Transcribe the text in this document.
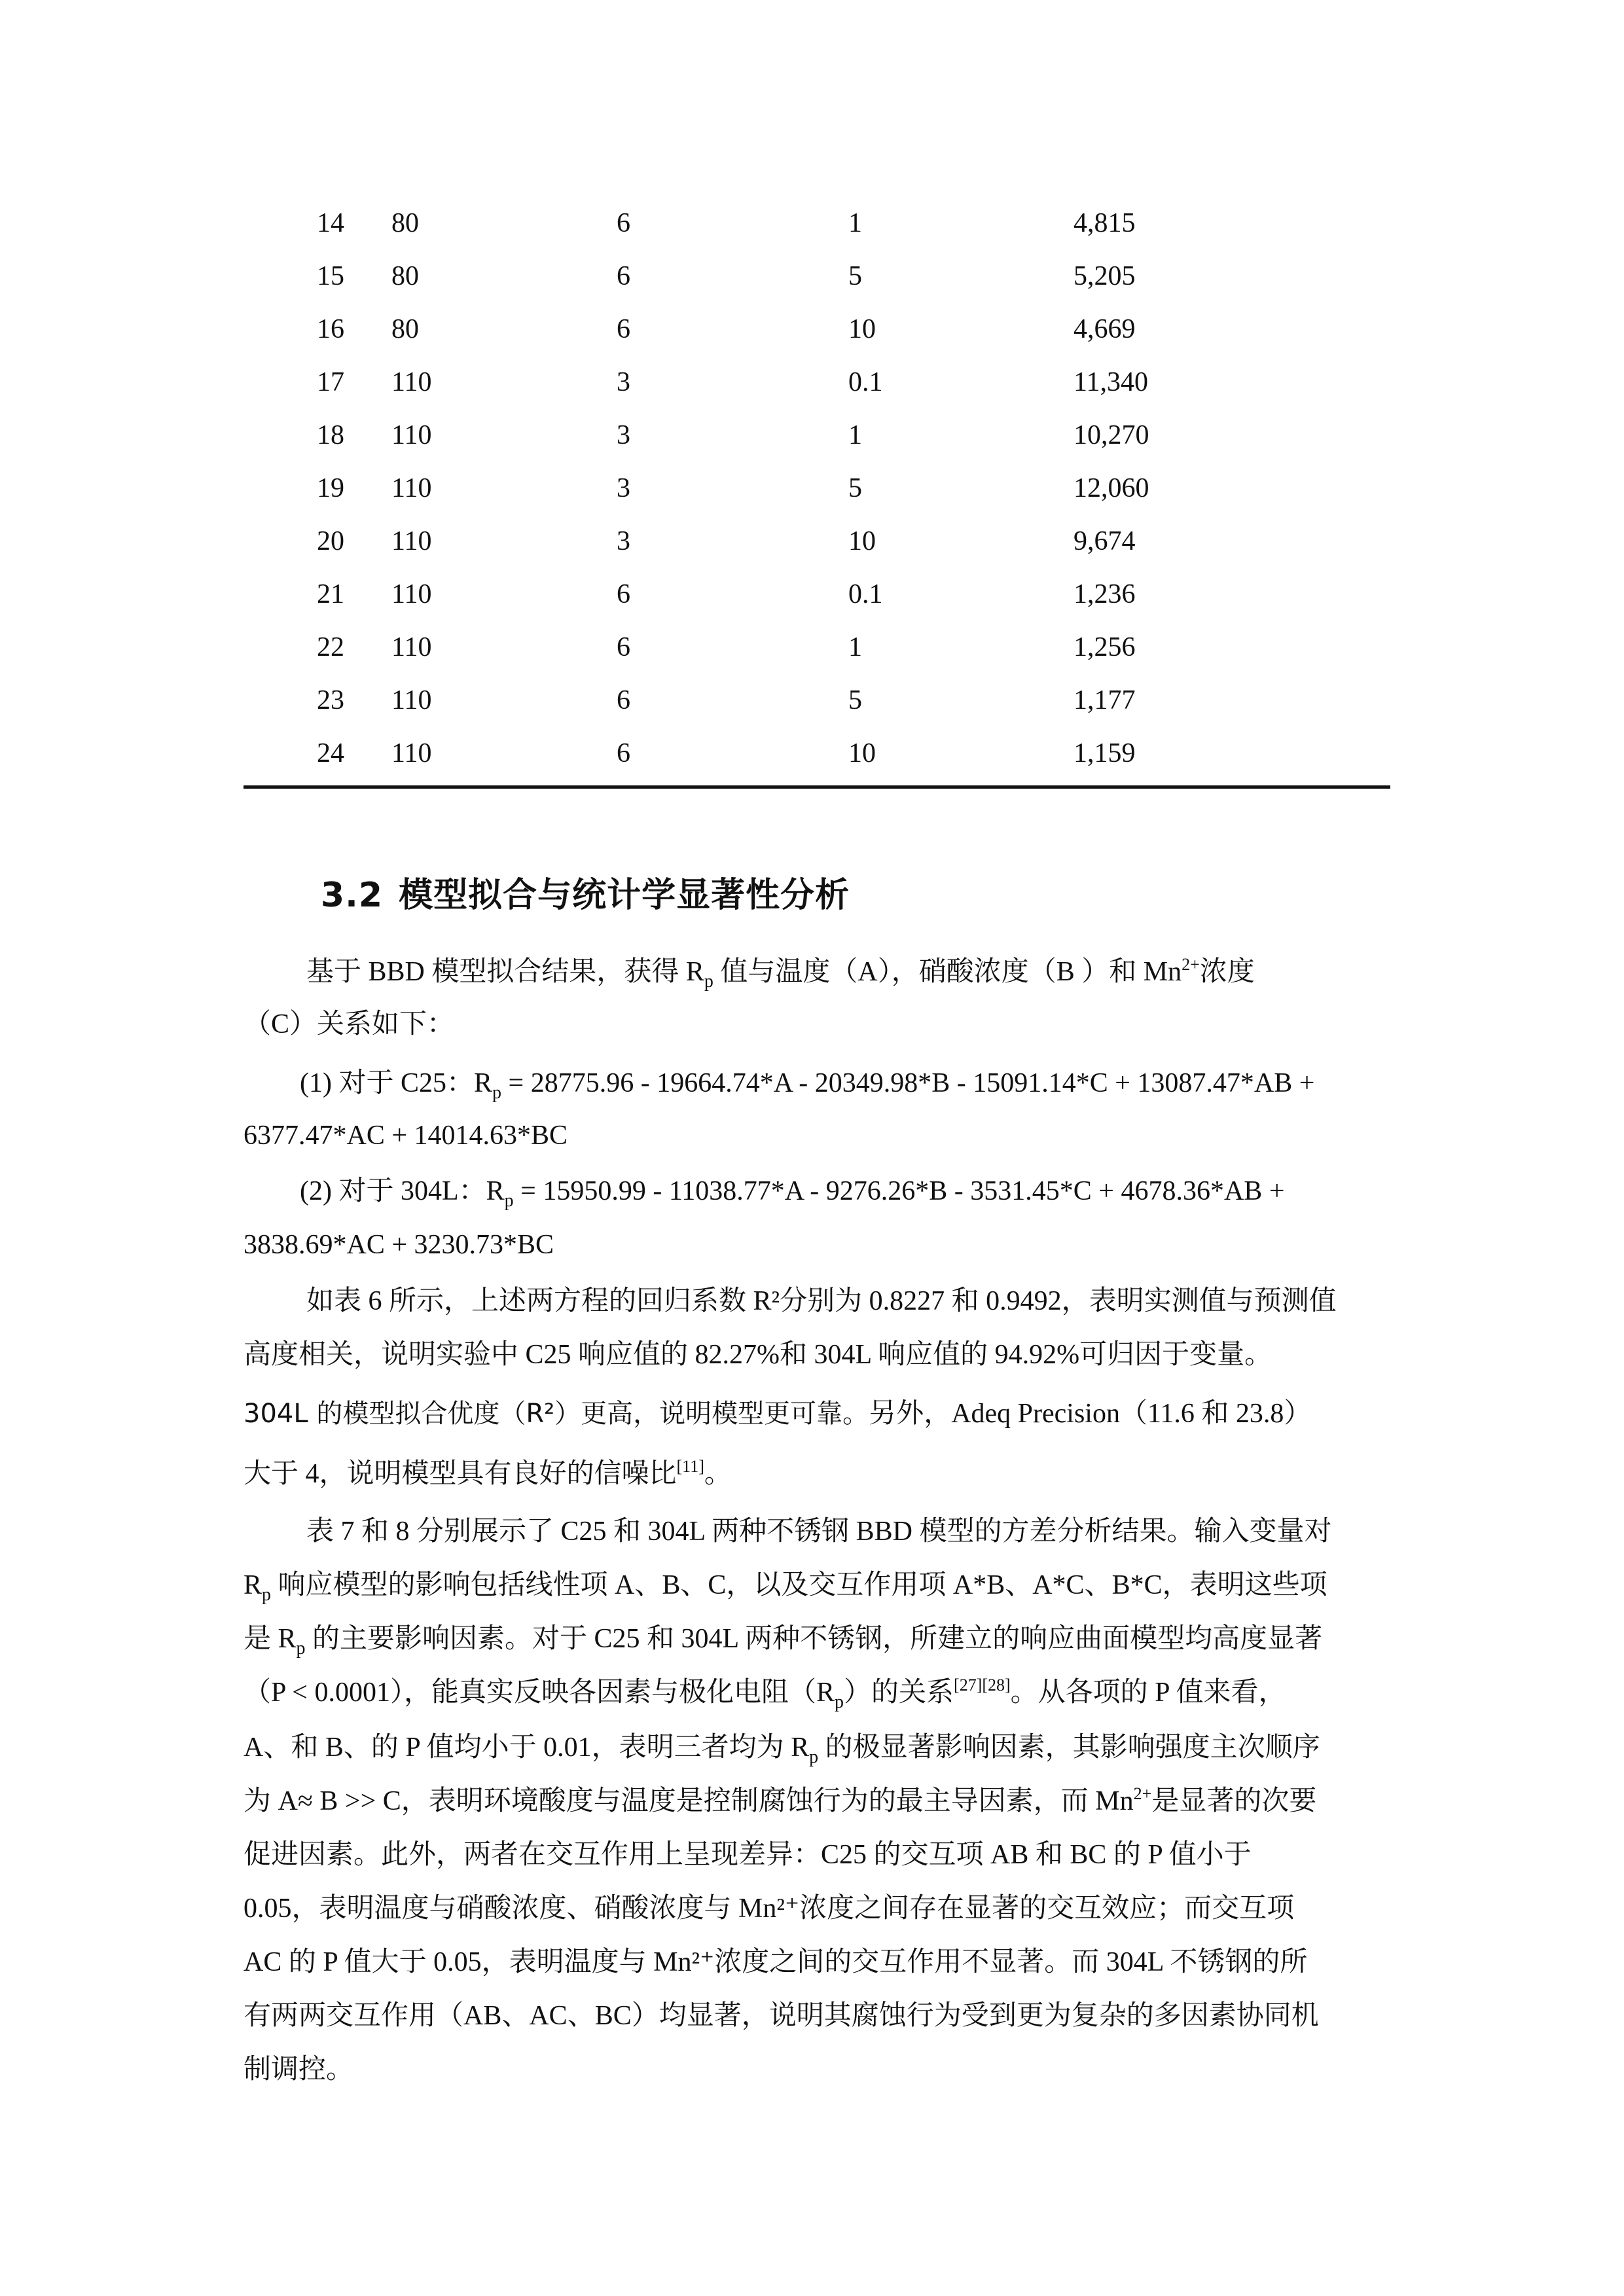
14	80	6	1	4,815
15	80	6	5	5,205
16	80	6	10	4,669
17	110	3	0.1	11,340
18	110	3	1	10,270
19	110	3	5	12,060
20	110	3	10	9,674
21	110	6	0.1	1,236
22	110	6	1	1,256
23	110	6	5	1,177
24	110	6	10	1,159
3.2 模型拟合与统计学显著性分析
基于 BBD 模型拟合结果，获得 $R_p$ 值与温度（A），硝酸浓度（B ）和 $Mn^{2+}$浓度
（C）关系如下：
(1) 对于 C25：$R_p = 28775.96 - 19664.74*A - 20349.98*B - 15091.14*C + 13087.47*AB$ +
6377.47*AC + 14014.63*BC
(2) 对于 304L：$R_p = 15950.99 - 11038.77*A - 9276.26*B - 3531.45*C + 4678.36*AB$ +
3838.69*AC + 3230.73*BC
如表 6 所示，上述两方程的回归系数 R²分别为 0.8227 和 0.9492，表明实测值与预测值
高度相关，说明实验中 C25 响应值的 82.27%和 304L 响应值的 94.92%可归因于变量。
304L 的模型拟合优度（R²）更高，说明模型更可靠。另外，Adeq Precision（11.6 和 23.8）
大于 4，说明模型具有良好的信噪比[11]。
表 7 和 8 分别展示了 C25 和 304L 两种不锈钢 BBD 模型的方差分析结果。输入变量对
$R_p$ 响应模型的影响包括线性项 A、B、C，以及交互作用项 A*B、A*C、B*C，表明这些项
是 $R_p$ 的主要影响因素。对于 C25 和 304L 两种不锈钢，所建立的响应曲面模型均高度显著
（P < 0.0001），能真实反映各因素与极化电阻$(R_p)$的关系[27][28]。从各项的 P 值来看，
A、和 B、的 P 值均小于 0.01，表明三者均为 $R_p$ 的极显著影响因素，其影响强度主次顺序
为 A≈ B >> C，表明环境酸度与温度是控制腐蚀行为的最主导因素，而 $Mn^{2+}$是显著的次要
促进因素。此外，两者在交互作用上呈现差异：C25 的交互项 AB 和 BC 的 P 值小于
0.05，表明温度与硝酸浓度、硝酸浓度与 Mn²⁺浓度之间存在显著的交互效应；而交互项
AC 的 P 值大于 0.05，表明温度与 Mn²⁺浓度之间的交互作用不显著。而 304L 不锈钢的所
有两两交互作用（AB、AC、BC）均显著，说明其腐蚀行为受到更为复杂的多因素协同机
制调控。
